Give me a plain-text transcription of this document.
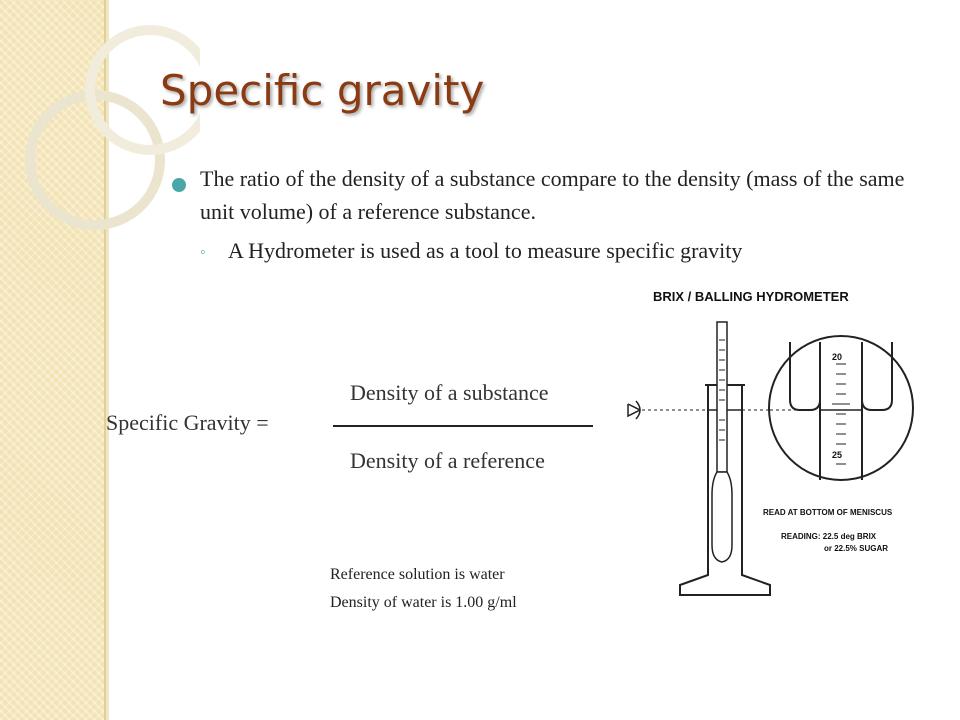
Specific gravity
The ratio of the density of a substance compare to the density (mass of the same unit volume) of a reference substance.
◦ A Hydrometer is used as a tool to measure specific gravity
Specific Gravity =
Density of a substance
Density of a reference
Reference solution is water
Density of water is 1.00 g/ml
BRIX / BALLING HYDROMETER
20
25
READ AT BOTTOM OF MENISCUS
READING: 22.5 deg BRIX
or 22.5% SUGAR
